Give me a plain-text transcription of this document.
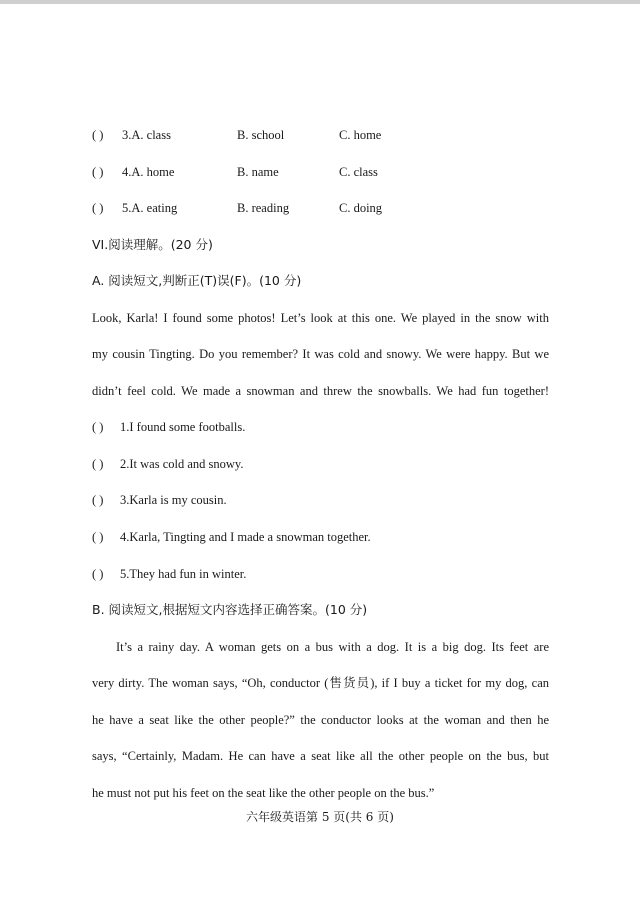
( ) 3.A. class	B. school	C. home
( ) 4.A. home	B. name	C. class
( ) 5.A. eating	B. reading	C. doing
VI.阅读理解。(20 分)
A. 阅读短文,判断正(T)误(F)。(10 分)
Look, Karla! I found some photos! Let’s look at this one. We played in the snow with
my cousin Tingting. Do you remember? It was cold and snowy. We were happy. But we
didn’t feel cold. We made a snowman and threw the snowballs. We had fun together!
( ) 1.I found some footballs.
( ) 2.It was cold and snowy.
( ) 3.Karla is my cousin.
( ) 4.Karla, Tingting and I made a snowman together.
( ) 5.They had fun in winter.
B. 阅读短文,根据短文内容选择正确答案。(10 分)
It’s a rainy day. A woman gets on a bus with a dog. It is a big dog. Its feet are
very dirty. The woman says, “Oh, conductor (售货员), if I buy a ticket for my dog, can
he have a seat like the other people?” the conductor looks at the woman and then he
says, “Certainly, Madam. He can have a seat like all the other people on the bus, but
he must not put his feet on the seat like the other people on the bus.”
六年级英语第 5 页(共 6 页)
